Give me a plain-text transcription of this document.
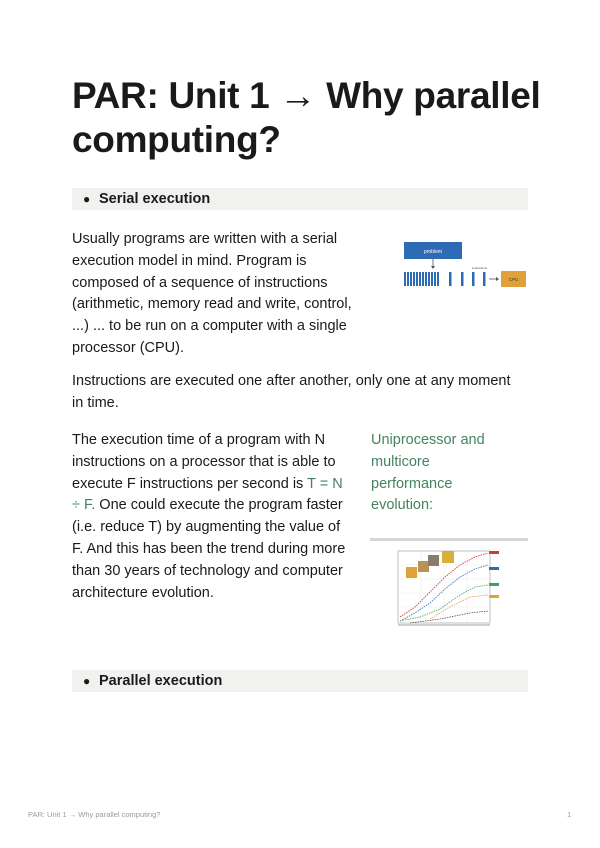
PAR: Unit 1 → Why parallel computing?
● Serial execution

Usually programs are written with a serial execution model in mind. Program is composed of a sequence of instructions (arithmetic, memory read and write, control, ...) ... to be run on a computer with a single processor (CPU).

problem
instructions
CPU

Instructions are executed one after another, only one at any moment in time.

The execution time of a program with N instructions on a processor that is able to execute F instructions per second is T = N ÷ F. One could execute the program faster (i.e. reduce T) by augmenting the value of F. And this has been the trend during more than 30 years of technology and computer architecture evolution.

Uniprocessor and multicore performance evolution:
● Parallel execution
PAR: Unit 1 → Why parallel computing?	1
